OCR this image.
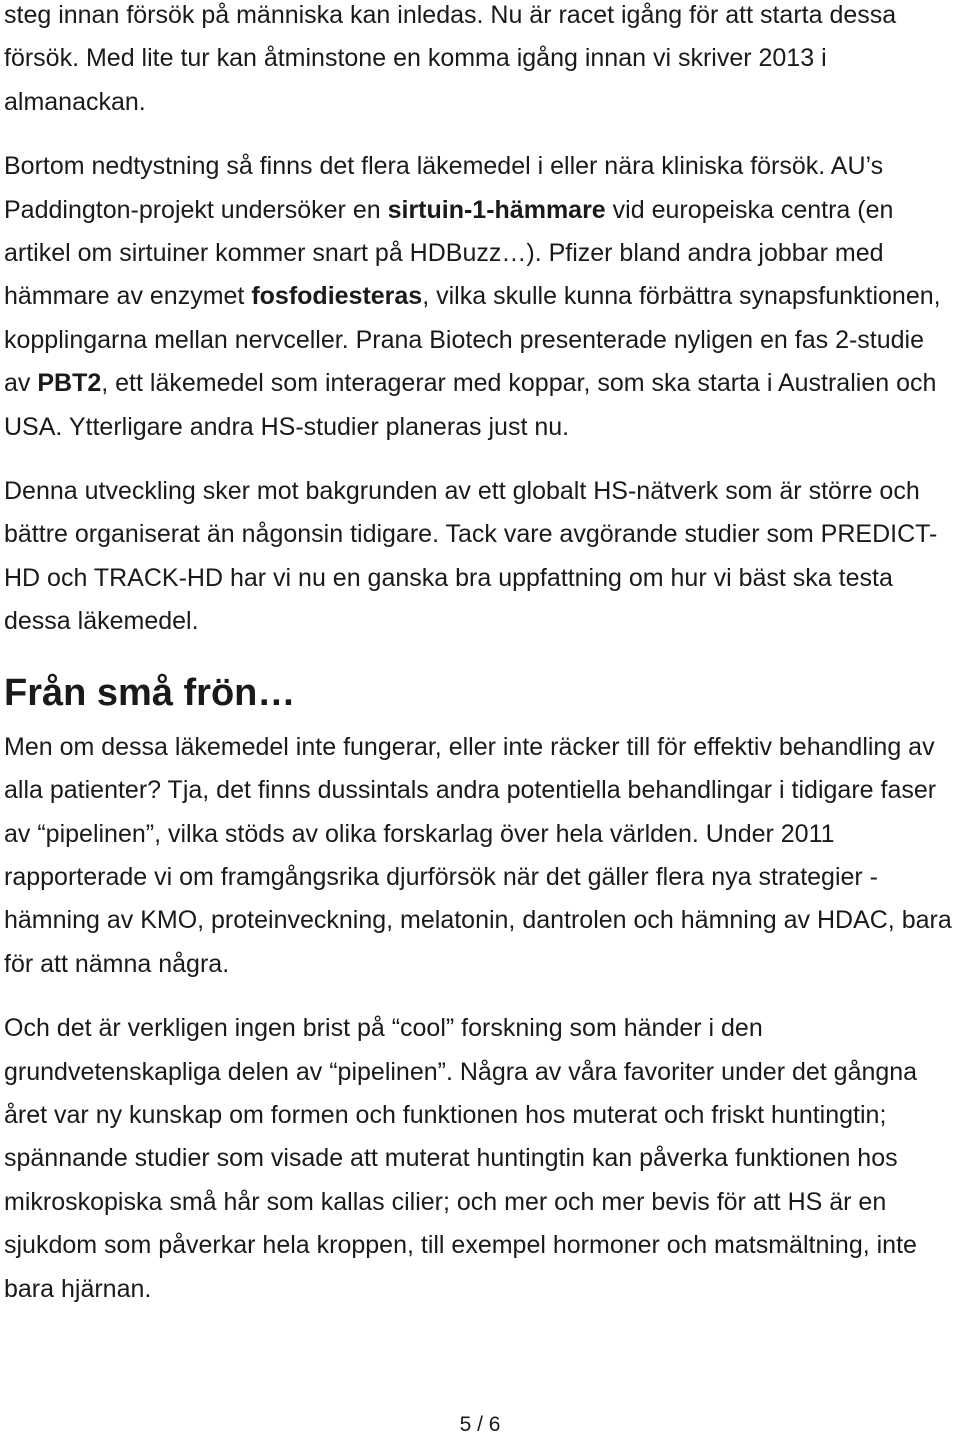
steg innan försök på människa kan inledas. Nu är racet igång för att starta dessa försök. Med lite tur kan åtminstone en komma igång innan vi skriver 2013 i almanackan.

Bortom nedtystning så finns det flera läkemedel i eller nära kliniska försök. AU’s Paddington-projekt undersöker en sirtuin-1-hämmare vid europeiska centra (en artikel om sirtuiner kommer snart på HDBuzz…). Pfizer bland andra jobbar med hämmare av enzymet fosfodiesteras, vilka skulle kunna förbättra synapsfunktionen, kopplingarna mellan nervceller. Prana Biotech presenterade nyligen en fas 2-studie av PBT2, ett läkemedel som interagerar med koppar, som ska starta i Australien och USA. Ytterligare andra HS-studier planeras just nu.

Denna utveckling sker mot bakgrunden av ett globalt HS-nätverk som är större och bättre organiserat än någonsin tidigare. Tack vare avgörande studier som PREDICT-HD och TRACK-HD har vi nu en ganska bra uppfattning om hur vi bäst ska testa dessa läkemedel.

Från små frön…

Men om dessa läkemedel inte fungerar, eller inte räcker till för effektiv behandling av alla patienter? Tja, det finns dussintals andra potentiella behandlingar i tidigare faser av “pipelinen”, vilka stöds av olika forskarlag över hela världen. Under 2011 rapporterade vi om framgångsrika djurförsök när det gäller flera nya strategier - hämning av KMO, proteinveckning, melatonin, dantrolen och hämning av HDAC, bara för att nämna några.

Och det är verkligen ingen brist på “cool” forskning som händer i den grundvetenskapliga delen av “pipelinen”. Några av våra favoriter under det gångna året var ny kunskap om formen och funktionen hos muterat och friskt huntingtin; spännande studier som visade att muterat huntingtin kan påverka funktionen hos mikroskopiska små hår som kallas cilier; och mer och mer bevis för att HS är en sjukdom som påverkar hela kroppen, till exempel hormoner och matsmältning, inte bara hjärnan.

5 / 6
